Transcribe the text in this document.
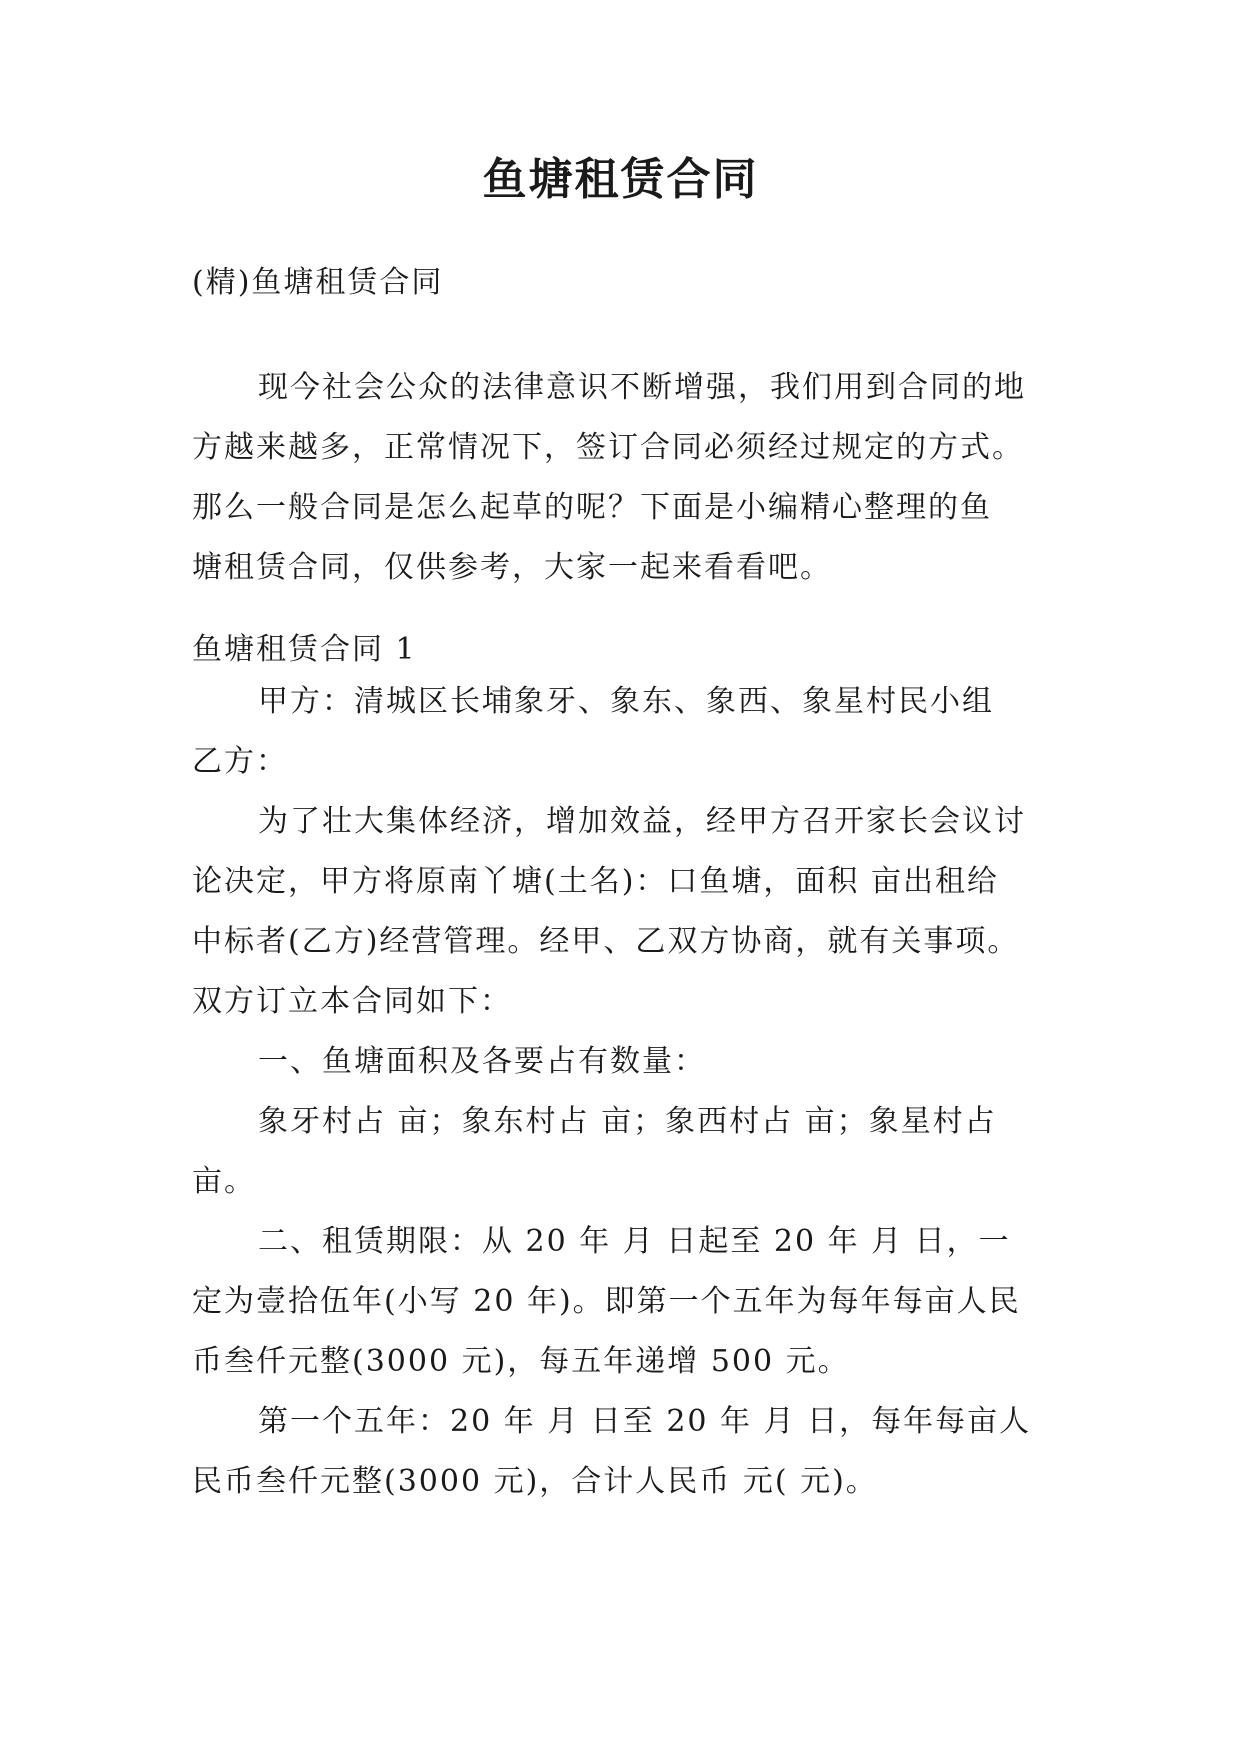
鱼塘租赁合同

(精)鱼塘租赁合同

现今社会公众的法律意识不断增强，我们用到合同的地
方越来越多，正常情况下，签订合同必须经过规定的方式。
那么一般合同是怎么起草的呢？下面是小编精心整理的鱼
塘租赁合同，仅供参考，大家一起来看看吧。

鱼塘租赁合同 1

甲方：清城区长埔象牙、象东、象西、象星村民小组
乙方：
为了壮大集体经济，增加效益，经甲方召开家长会议讨
论决定，甲方将原南丫塘(土名)：口鱼塘，面积 亩出租给
中标者(乙方)经营管理。经甲、乙双方协商，就有关事项。
双方订立本合同如下：
一、鱼塘面积及各要占有数量：
象牙村占 亩；象东村占 亩；象西村占 亩；象星村占
亩。
二、租赁期限：从 20 年 月 日起至 20 年 月 日，一
定为壹拾伍年(小写 20 年)。即第一个五年为每年每亩人民
币叁仟元整(3000 元)，每五年递增 500 元。
第一个五年：20 年 月 日至 20 年 月 日，每年每亩人
民币叁仟元整(3000 元)，合计人民币 元( 元)。
